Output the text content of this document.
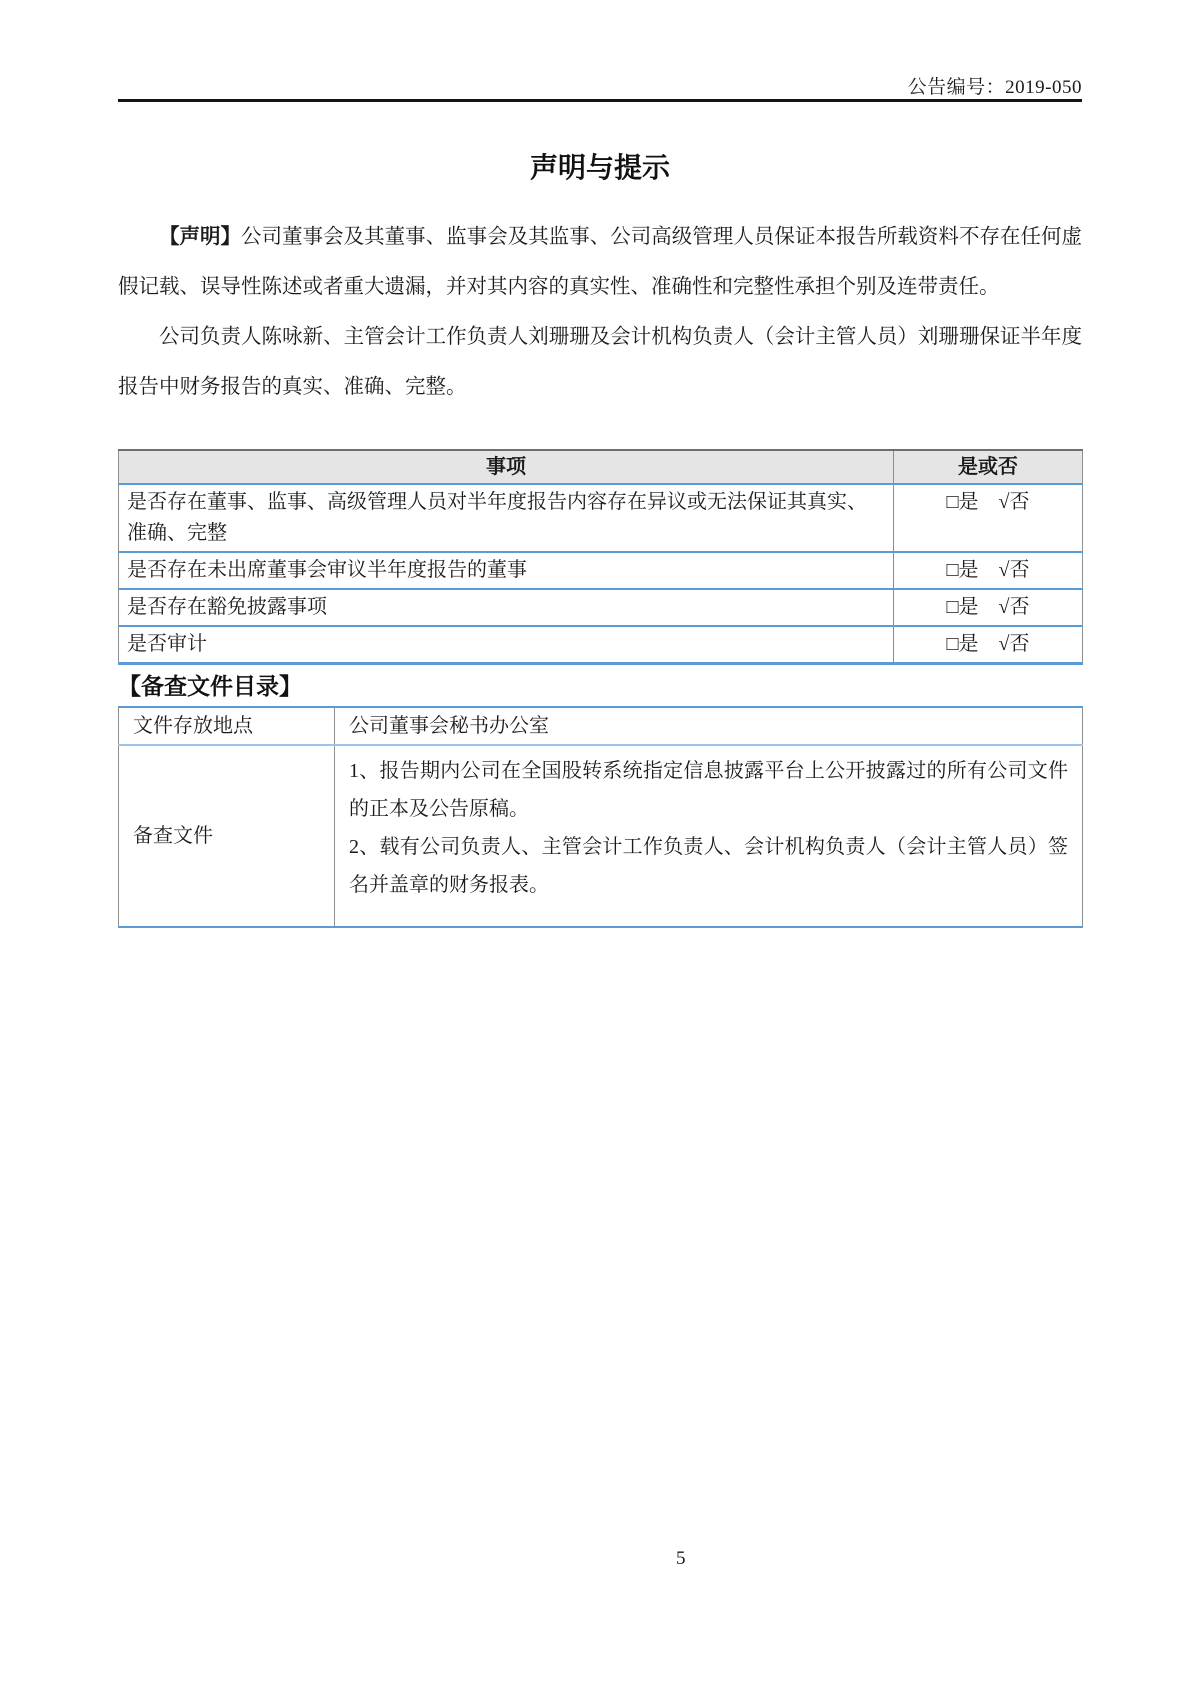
公告编号：2019-050
声明与提示

【声明】公司董事会及其董事、监事会及其监事、公司高级管理人员保证本报告所载资料不存在任何虚假记载、误导性陈述或者重大遗漏，并对其内容的真实性、准确性和完整性承担个别及连带责任。

公司负责人陈咏新、主管会计工作负责人刘珊珊及会计机构负责人（会计主管人员）刘珊珊保证半年度报告中财务报告的真实、准确、完整。

事项	是或否
是否存在董事、监事、高级管理人员对半年度报告内容存在异议或无法保证其真实、准确、完整	□是　√否
是否存在未出席董事会审议半年度报告的董事	□是　√否
是否存在豁免披露事项	□是　√否
是否审计	□是　√否
【备查文件目录】
文件存放地点	公司董事会秘书办公室
备查文件	1、报告期内公司在全国股转系统指定信息披露平台上公开披露过的所有公司文件的正本及公告原稿。
2、载有公司负责人、主管会计工作负责人、会计机构负责人（会计主管人员）签名并盖章的财务报表。
5
